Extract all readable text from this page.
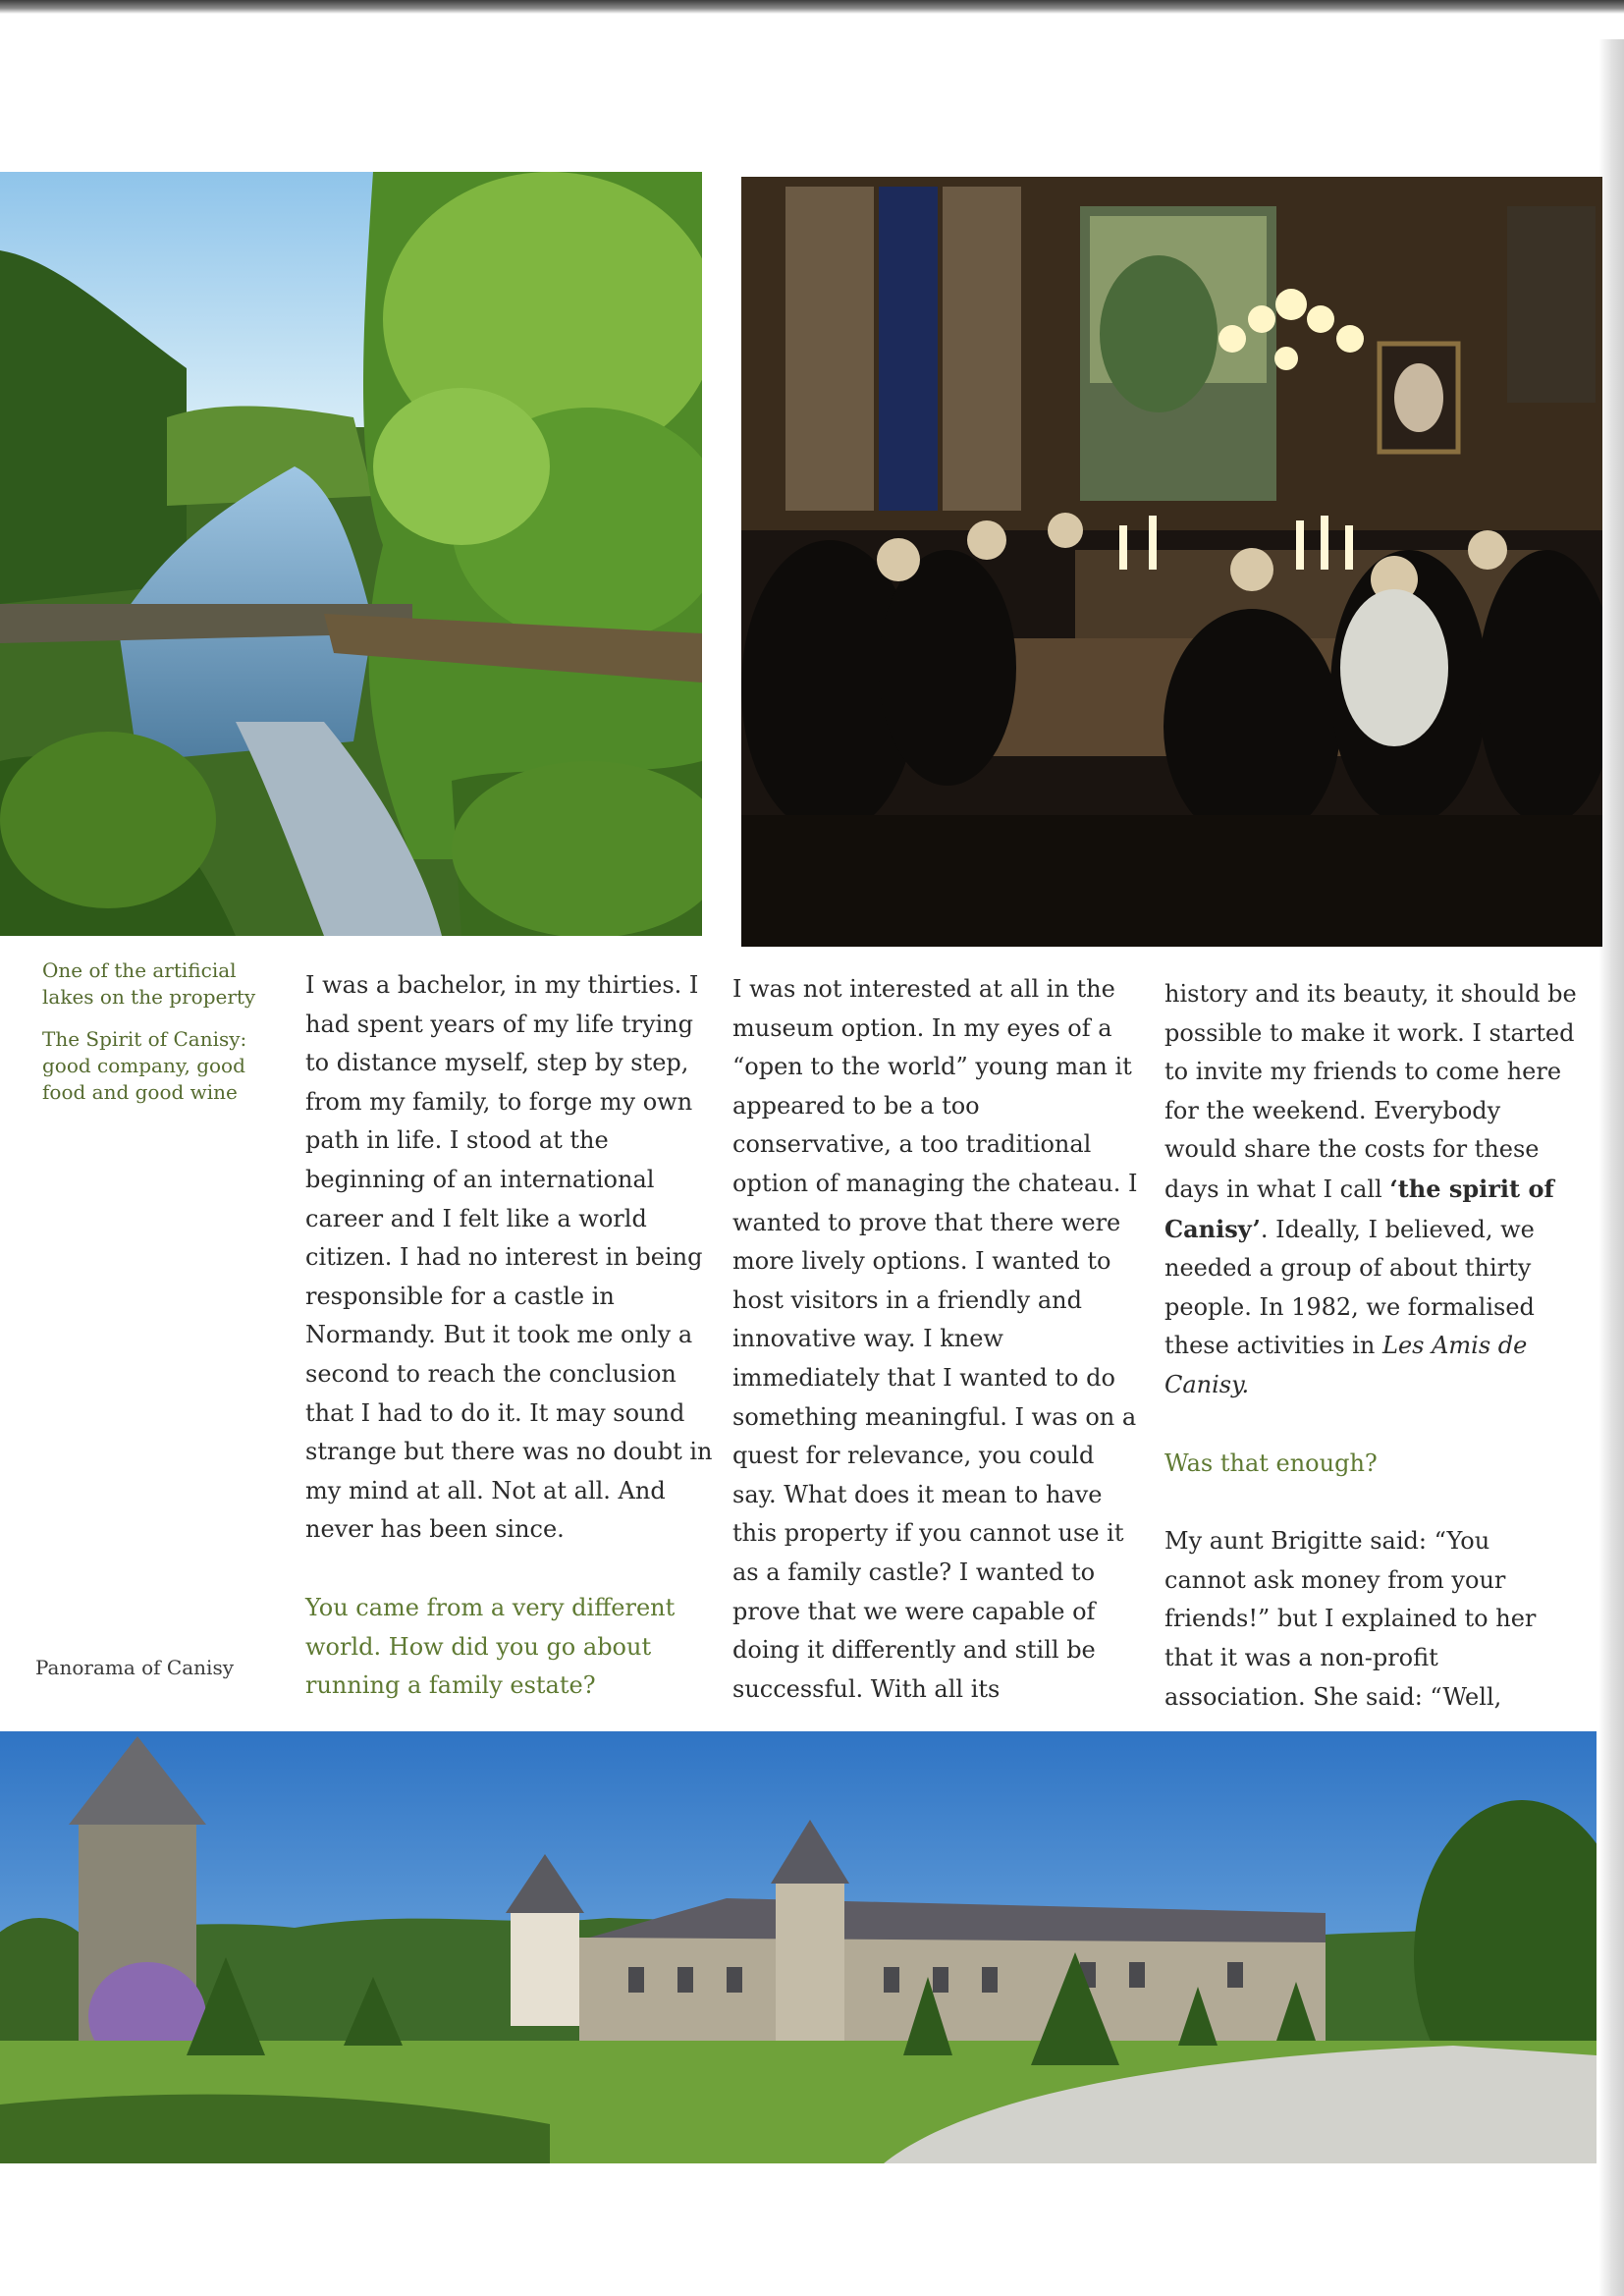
One of the artificial lakes on the property
The Spirit of Canisy: good company, good food and good wine
Panorama of Canisy

I was a bachelor, in my thirties. I had spent years of my life trying to distance myself, step by step, from my family, to forge my own path in life. I stood at the beginning of an international career and I felt like a world citizen. I had no interest in being responsible for a castle in Normandy. But it took me only a second to reach the conclusion that I had to do it. It may sound strange but there was no doubt in my mind at all. Not at all. And never has been since.

You came from a very different world. How did you go about running a family estate?

I was not interested at all in the museum option. In my eyes of a “open to the world” young man it appeared to be a too conservative, a too traditional option of managing the chateau. I wanted to prove that there were more lively options. I wanted to host visitors in a friendly and innovative way. I knew immediately that I wanted to do something meaningful. I was on a quest for relevance, you could say. What does it mean to have this property if you cannot use it as a family castle? I wanted to prove that we were capable of doing it differently and still be successful. With all its

history and its beauty, it should be possible to make it work. I started to invite my friends to come here for the weekend. Everybody would share the costs for these days in what I call ‘the spirit of Canisy’. Ideally, I believed, we needed a group of about thirty people. In 1982, we formalised these activities in Les Amis de Canisy.

Was that enough?

My aunt Brigitte said: “You cannot ask money from your friends!” but I explained to her that it was a non-profit association. She said: “Well,
